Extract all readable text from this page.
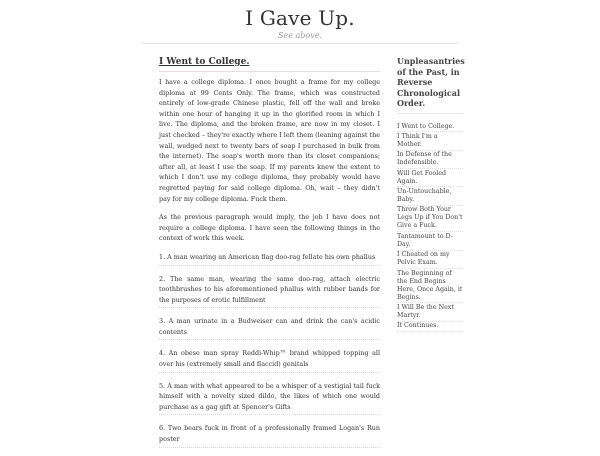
I Gave Up.
See above.
I Went to College.

I have a college diploma. I once bought a frame for my college diploma at 99 Cents Only. The frame, which was constructed entirely of low-grade Chinese plastic, fell off the wall and broke within one hour of hanging it up in the glorified room in which I live. The diploma, and the broken frame, are now in my closet. I just checked – they're exactly where I left them (leaning against the wall, wedged next to twenty bars of soap I purchased in bulk from the internet). The soap's worth more than its closet companions; after all, at least I use the soap. If my parents knew the extent to which I don't use my college diploma, they probably would have regretted paying for said college diploma. Oh, wait – they didn't pay for my college diploma. Fuck them.

As the previous paragraph would imply, the job I have does not require a college diploma. I have seen the following things in the context of work this week.

1. A man wearing an American flag doo-rag fellate his own phallus

2. The same man, wearing the same doo-rag, attach electric toothbrushes to his aforementioned phallus with rubber bands for the purposes of erotic fulfillment

3. A man urinate in a Budweiser can and drink the can's acidic contents

4. An obese man spray Reddi-Whip™ brand whipped topping all over his (extremely small and flaccid) genitals

5. A man with what appeared to be a whisper of a vestigial tail fuck himself with a novelty sized dildo, the likes of which one would purchase as a gag gift at Spencer's Gifts

6. Two bears fuck in front of a professionally framed Logan's Run poster

Unpleasantries of the Past, in Reverse Chronological Order.
I Went to College.
I Think I'm a Mother.
In Defense of the Indefensible.
Will Get Fooled Again.
Un-Untouchable, Baby.
Throw Both Your Legs Up if You Don't Give a Fuck.
Tantamount to D-Day.
I Cheated on my Pelvic Exam.
The Beginning of the End Begins Here, Once Again, it Begins.
I Will Be the Next Martyr.
It Continues.
